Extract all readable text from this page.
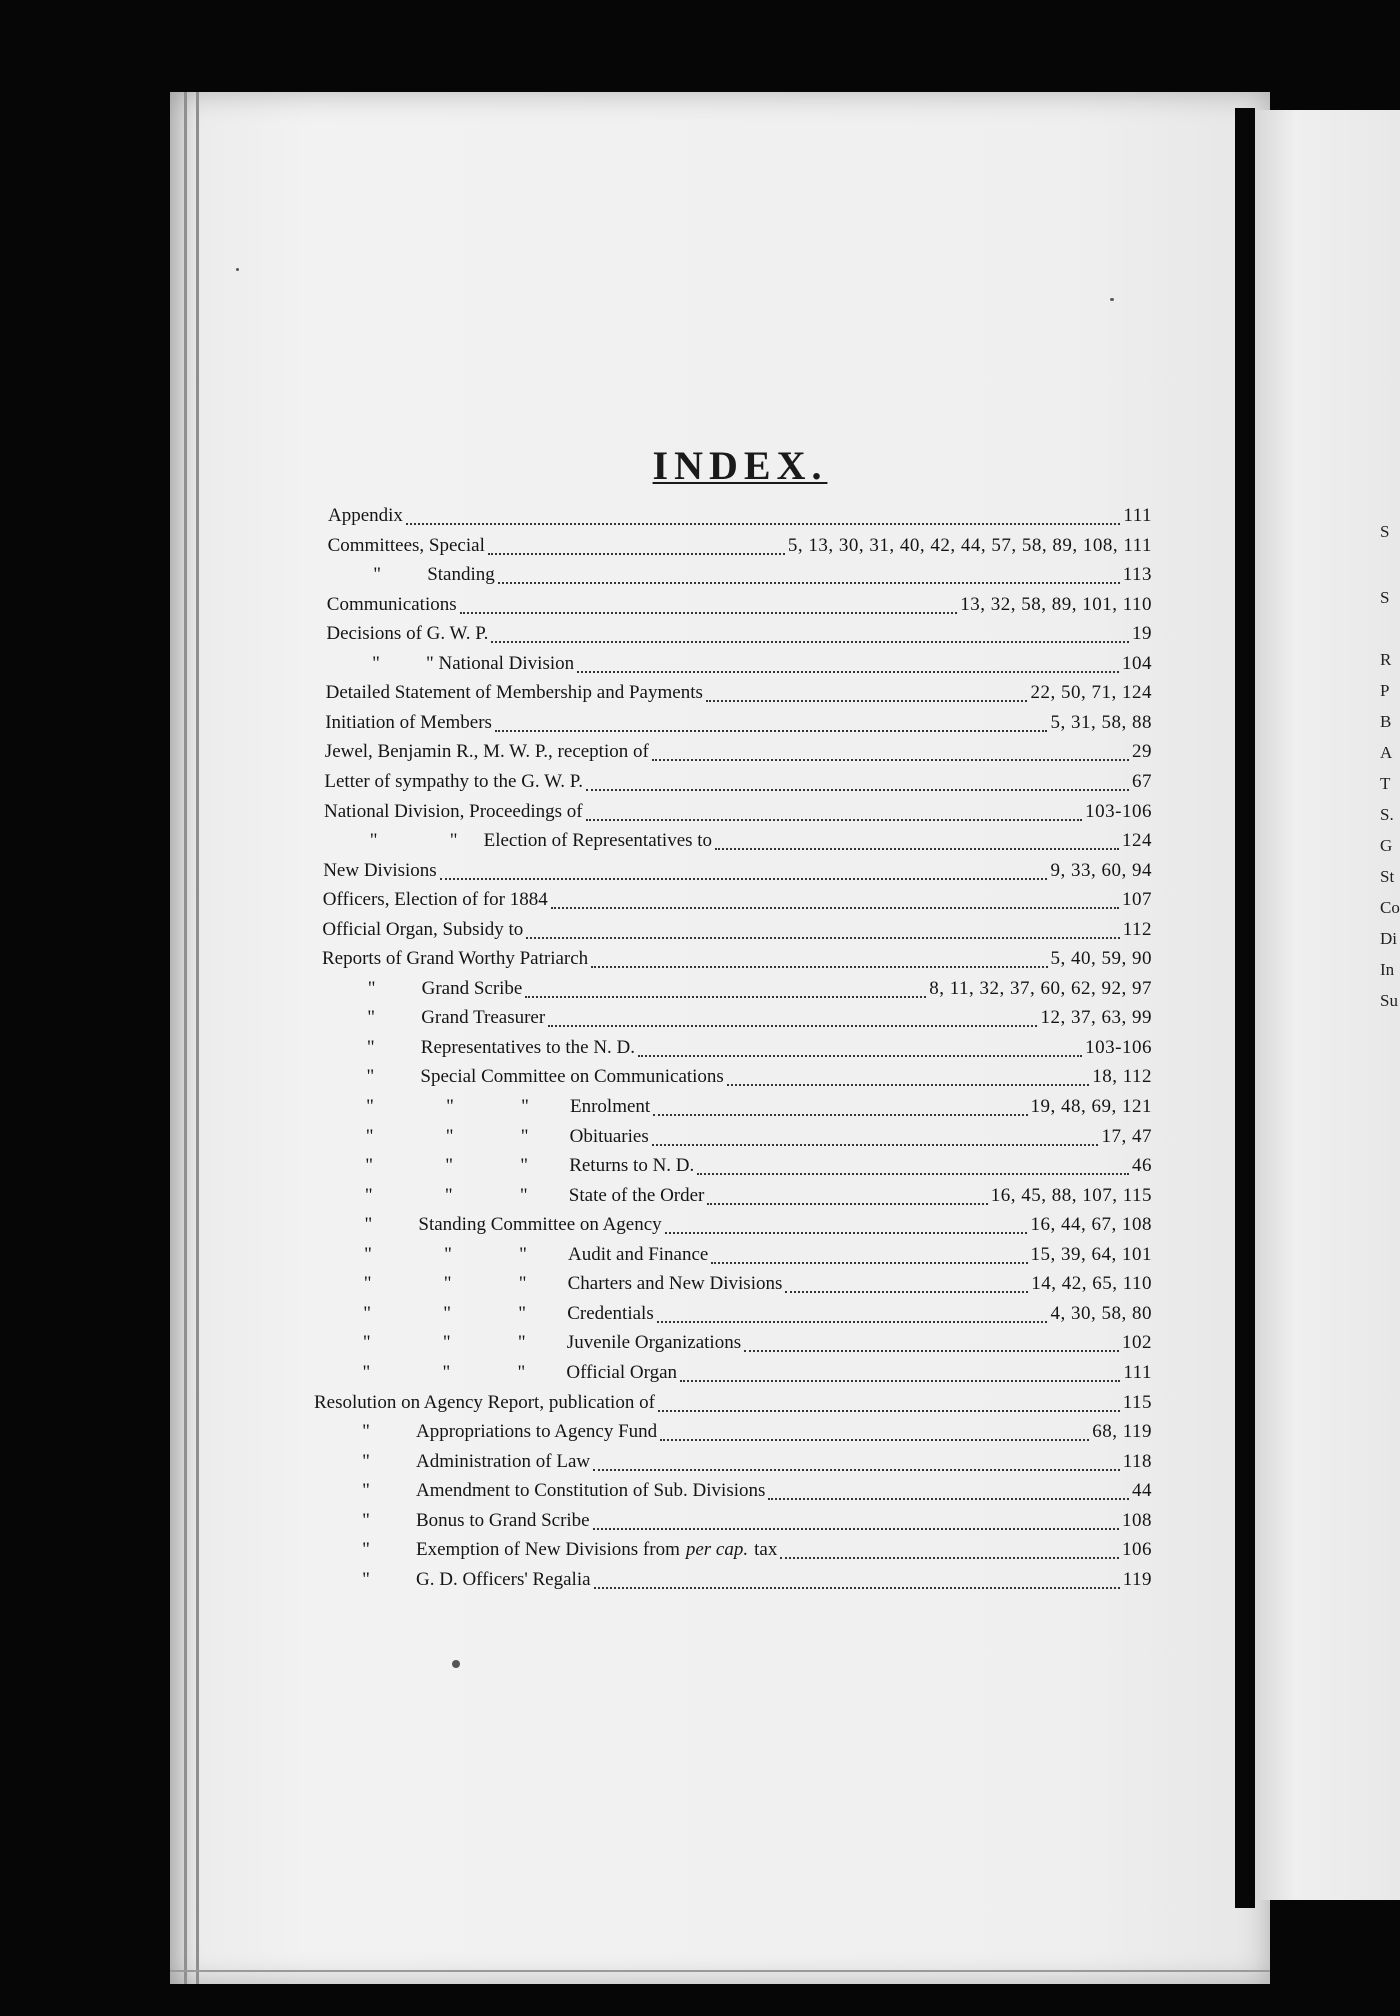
S
S
R
P
B
A
T
S.
G
St
Co
Di
In
Su
INDEX.
Appendix	111
Committees, Special	5, 13, 30, 31, 40, 42, 44, 57, 58, 89, 108, 111
"	Standing	113
Communications	13, 32, 58, 89, 101, 110
Decisions of G. W. P.	19
"	" National Division	104
Detailed Statement of Membership and Payments	22, 50, 71, 124
Initiation of Members	5, 31, 58, 88
Jewel, Benjamin R., M. W. P., reception of	29
Letter of sympathy to the G. W. P.	67
National Division, Proceedings of	103-106
"	"	Election of Representatives to	124
New Divisions	9, 33, 60, 94
Officers, Election of for 1884	107
Official Organ, Subsidy to	112
Reports of Grand Worthy Patriarch	5, 40, 59, 90
"	Grand Scribe	8, 11, 32, 37, 60, 62, 92, 97
"	Grand Treasurer	12, 37, 63, 99
"	Representatives to the N. D.	103-106
"	Special Committee on Communications	18, 112
"	"	"	Enrolment	19, 48, 69, 121
"	"	"	Obituaries	17, 47
"	"	"	Returns to N. D.	46
"	"	"	State of the Order	16, 45, 88, 107, 115
"	Standing Committee on Agency	16, 44, 67, 108
"	"	"	Audit and Finance	15, 39, 64, 101
"	"	"	Charters and New Divisions	14, 42, 65, 110
"	"	"	Credentials	4, 30, 58, 80
"	"	"	Juvenile Organizations	102
"	"	"	Official Organ	111
Resolution on Agency Report, publication of	115
"	Appropriations to Agency Fund	68, 119
"	Administration of Law	118
"	Amendment to Constitution of Sub. Divisions	44
"	Bonus to Grand Scribe	108
"	Exemption of New Divisions from per cap. tax	106
"	G. D. Officers' Regalia	119
